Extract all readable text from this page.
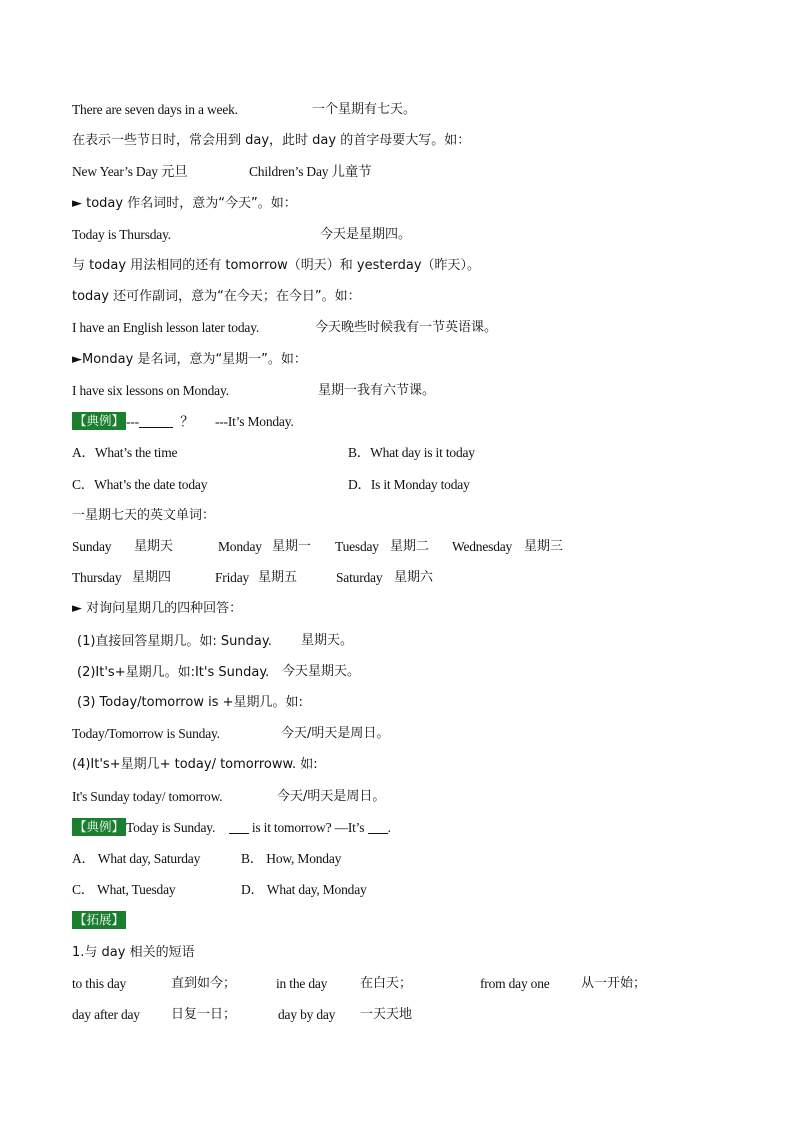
There are seven days in a week.	一个星期有七天。
在表示一些节日时，常会用到 day，此时 day 的首字母要大写。如：
New Year’s Day 元旦	Children’s Day 儿童节
► today 作名词时，意为“今天”。如：
Today is Thursday.	今天是星期四。
与 today 用法相同的还有 tomorrow（明天）和 yesterday（昨天）。
today 还可作副词，意为“在今天；在今日”。如：
I have an English lesson later today.	今天晚些时候我有一节英语课。
►Monday 是名词，意为“星期一”。如：
I have six lessons on Monday.	星期一我有六节课。
【典例】 ---	？ ---It’s Monday.
A．What’s the time	B．What day is it today
C．What’s the date today	D．Is it Monday today
一星期七天的英文单词：
Sunday 星期天	Monday 星期一 Tuesday 星期二 Wednesday 星期三
Thursday 星期四	Friday 星期五	Saturday 星期六
► 对询问星期几的四种回答：
(1)直接回答星期几。如: Sunday. 星期天。
(2)It's+星期几。如:It's Sunday. 今天星期天。
(3) Today/tomorrow is +星期几。如:
Today/Tomorrow is Sunday.	今天/明天是周日。
(4)It's+星期几+ today/ tomorroww. 如:
It's Sunday today/ tomorrow.	今天/明天是周日。
【典例】 Today is Sunday.	is it tomorrow? —It’s .
A． What day, Saturday	B． How, Monday
C． What, Tuesday	D． What day, Monday
【拓展】
1.与 day 相关的短语
to this day	直到如今；	in the day	在白天；	from day one 从一开始；
day after day 日复一日；	day by day 一天天地
